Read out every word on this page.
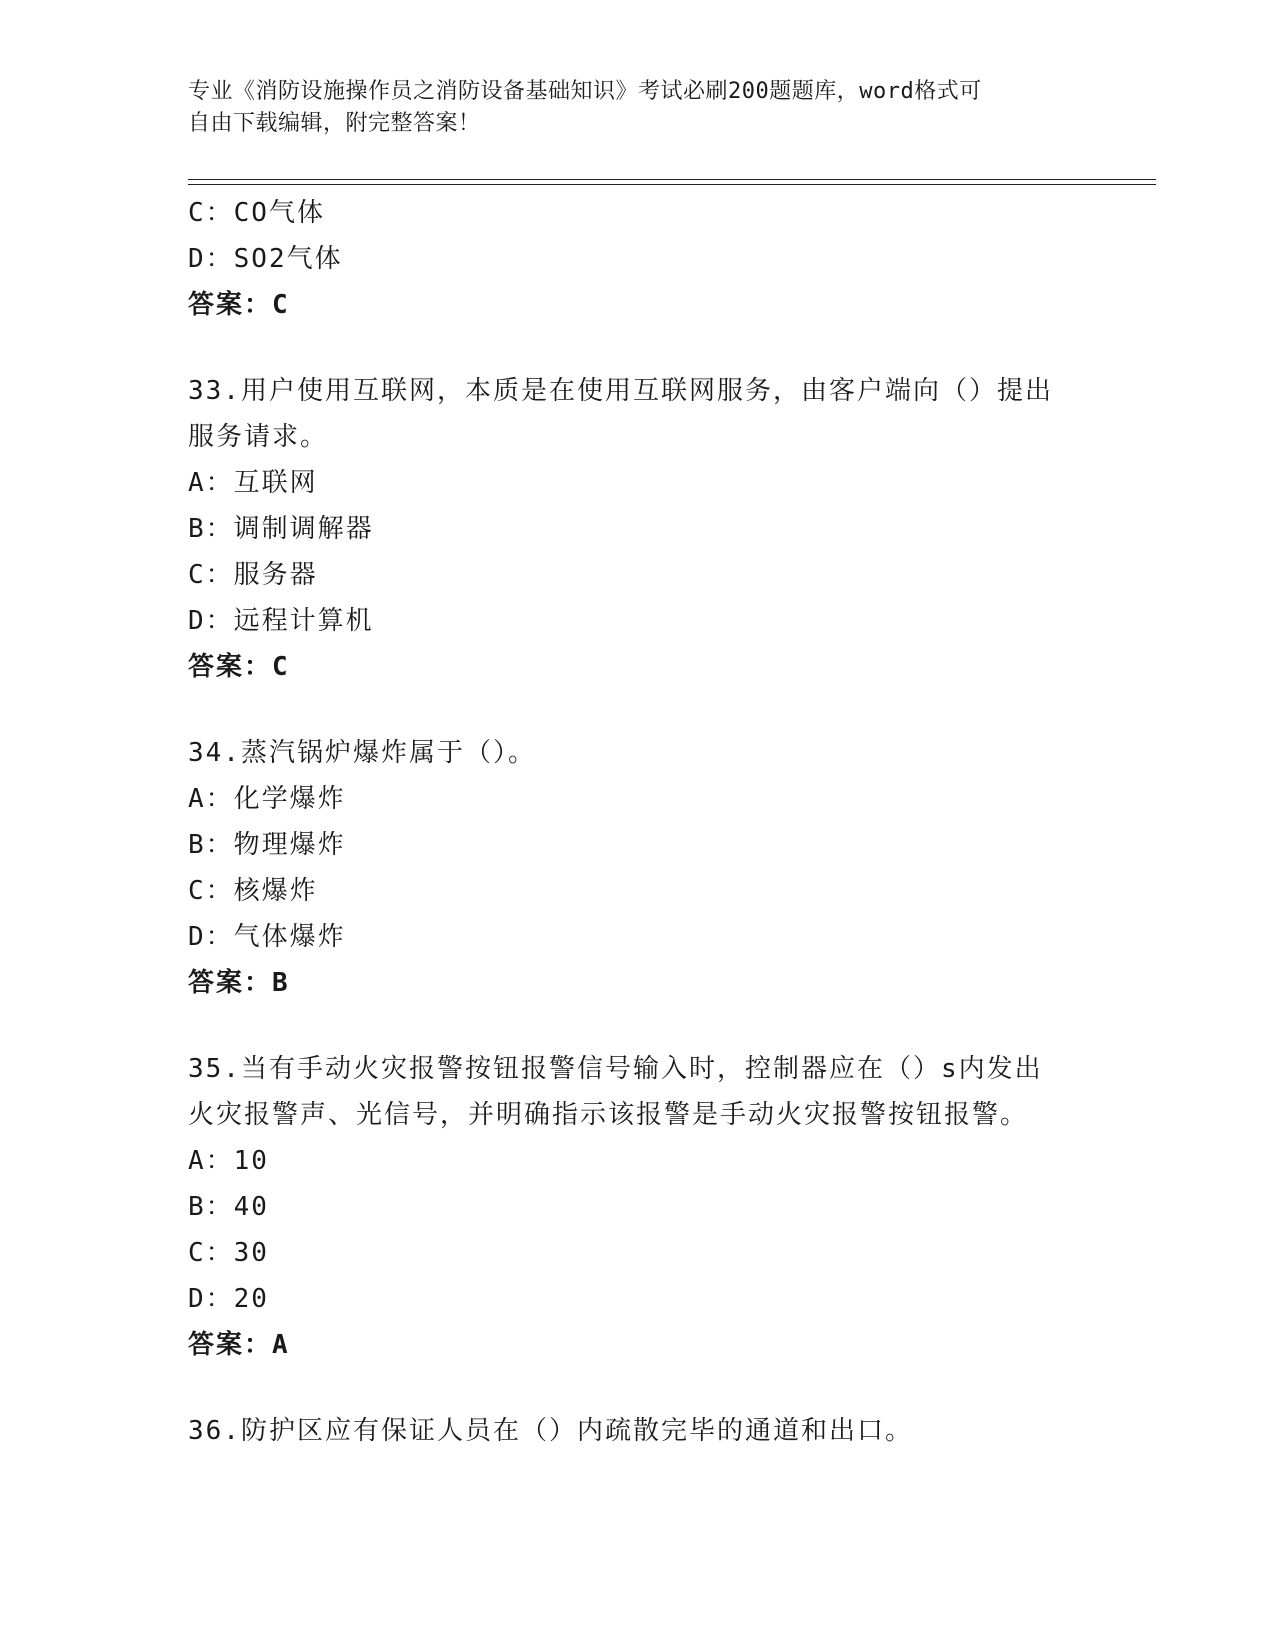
专业《消防设施操作员之消防设备基础知识》考试必刷200题题库，word格式可
自由下载编辑，附完整答案！
C：CO气体
D：SO2气体
答案：C
33.用户使用互联网，本质是在使用互联网服务，由客户端向（）提出
服务请求。
A：互联网
B：调制调解器
C：服务器
D：远程计算机
答案：C
34.蒸汽锅炉爆炸属于（）。
A：化学爆炸
B：物理爆炸
C：核爆炸
D：气体爆炸
答案：B
35.当有手动火灾报警按钮报警信号输入时，控制器应在（）s内发出
火灾报警声、光信号，并明确指示该报警是手动火灾报警按钮报警。
A：10
B：40
C：30
D：20
答案：A
36.防护区应有保证人员在（）内疏散完毕的通道和出口。
